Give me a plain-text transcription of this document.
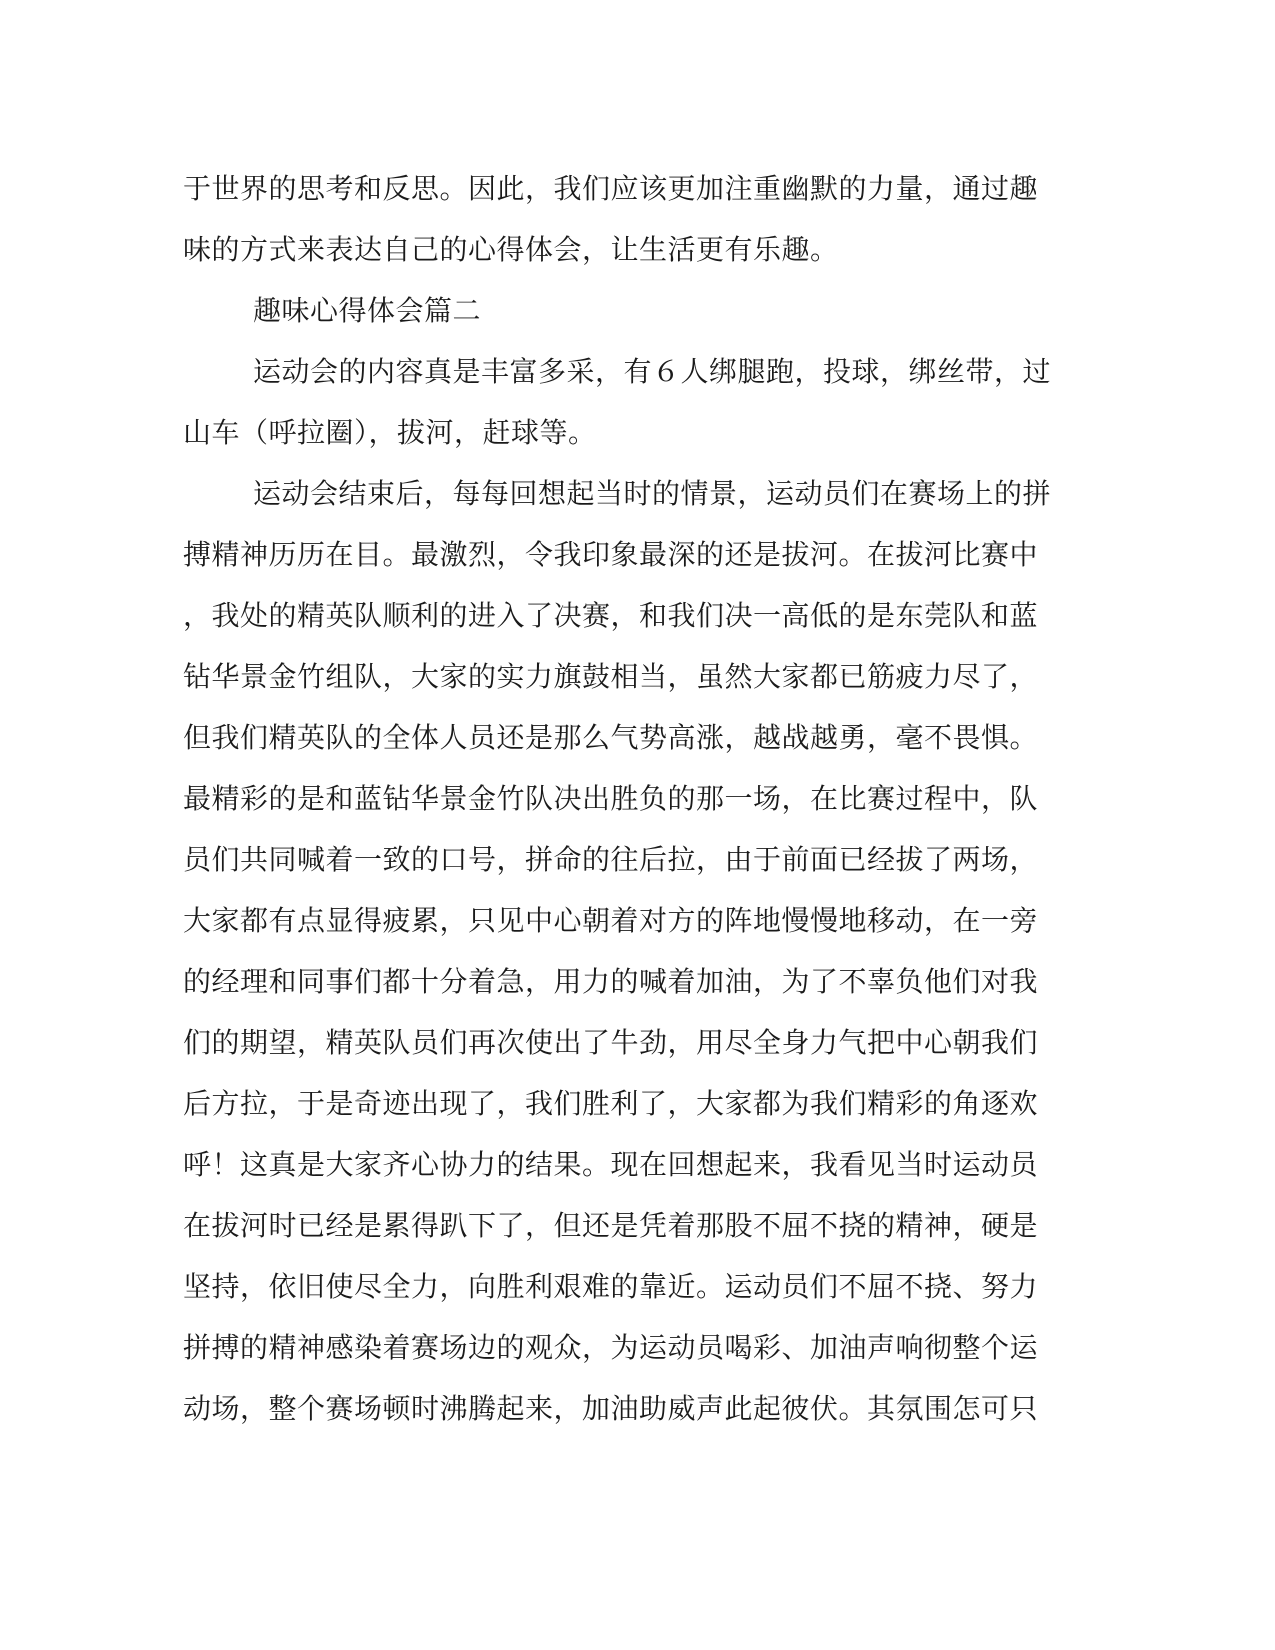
于世界的思考和反思。因此，我们应该更加注重幽默的力量，通过趣
味的方式来表达自己的心得体会，让生活更有乐趣。
趣味心得体会篇二
运动会的内容真是丰富多采，有６人绑腿跑，投球，绑丝带，过
山车（呼拉圈），拔河，赶球等。
运动会结束后，每每回想起当时的情景，运动员们在赛场上的拼
搏精神历历在目。最激烈，令我印象最深的还是拔河。在拔河比赛中
，我处的精英队顺利的进入了决赛，和我们决一高低的是东莞队和蓝
钻华景金竹组队，大家的实力旗鼓相当，虽然大家都已筋疲力尽了，
但我们精英队的全体人员还是那么气势高涨，越战越勇，毫不畏惧。
最精彩的是和蓝钻华景金竹队决出胜负的那一场，在比赛过程中，队
员们共同喊着一致的口号，拼命的往后拉，由于前面已经拔了两场，
大家都有点显得疲累，只见中心朝着对方的阵地慢慢地移动，在一旁
的经理和同事们都十分着急，用力的喊着加油，为了不辜负他们对我
们的期望，精英队员们再次使出了牛劲，用尽全身力气把中心朝我们
后方拉，于是奇迹出现了，我们胜利了，大家都为我们精彩的角逐欢
呼！这真是大家齐心协力的结果。现在回想起来，我看见当时运动员
在拔河时已经是累得趴下了，但还是凭着那股不屈不挠的精神，硬是
坚持，依旧使尽全力，向胜利艰难的靠近。运动员们不屈不挠、努力
拼搏的精神感染着赛场边的观众，为运动员喝彩、加油声响彻整个运
动场，整个赛场顿时沸腾起来，加油助威声此起彼伏。其氛围怎可只
